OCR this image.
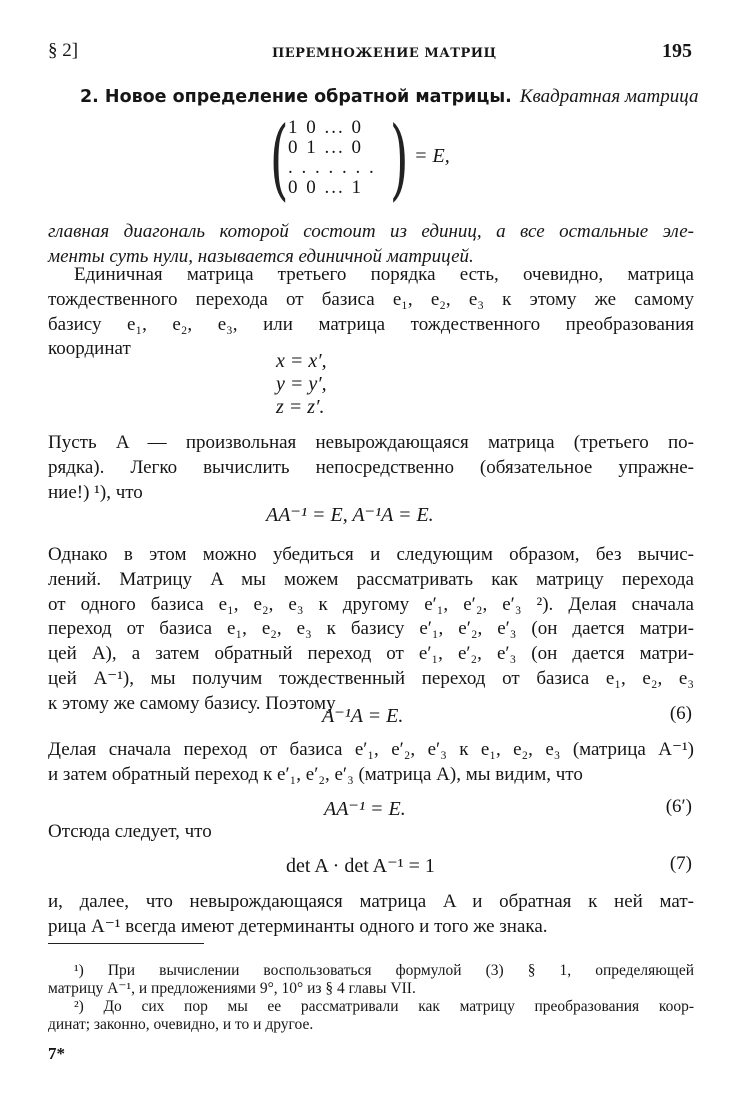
§ 2]	ПЕРЕМНОЖЕНИЕ МАТРИЦ	195
2. Новое определение обратной матрицы. Квадратная матрица
( 1 0 ... 0
0 1 ... 0
. . . . . . .
0 0 ... 1 ) = E,
главная диагональ которой состоит из единиц, а все остальные эле-
менты суть нули, называется единичной матрицей.
Единичная матрица третьего порядка есть, очевидно, матрица
тождественного перехода от базиса e₁, e₂, e₃ к этому же самому
базису e₁, e₂, e₃, или матрица тождественного преобразования
координат
x = x′,
y = y′,
z = z′.
Пусть A — произвольная невырождающаяся матрица (третьего по-
рядка). Легко вычислить непосредственно (обязательное упражне-
ние!) ¹), что
AA⁻¹ = E, A⁻¹A = E.
Однако в этом можно убедиться и следующим образом, без вычис-
лений. Матрицу A мы можем рассматривать как матрицу перехода
от одного базиса e₁, e₂, e₃ к другому e′₁, e′₂, e′₃ ²). Делая сначала
переход от базиса e₁, e₂, e₃ к базису e′₁, e′₂, e′₃ (он дается матри-
цей A), а затем обратный переход от e′₁, e′₂, e′₃ (он дается матри-
цей A⁻¹), мы получим тождественный переход от базиса e₁, e₂, e₃
к этому же самому базису. Поэтому
A⁻¹A = E.	(6)
Делая сначала переход от базиса e′₁, e′₂, e′₃ к e₁, e₂, e₃ (матрица A⁻¹)
и затем обратный переход к e′₁, e′₂, e′₃ (матрица A), мы видим, что
AA⁻¹ = E.	(6′)
Отсюда следует, что
det A · det A⁻¹ = 1	(7)
и, далее, что невырождающаяся матрица A и обратная к ней мат-
рица A⁻¹ всегда имеют детерминанты одного и того же знака.
¹) При вычислении воспользоваться формулой (3) § 1, определяющей
матрицу A⁻¹, и предложениями 9°, 10° из § 4 главы VII.
²) До сих пор мы ее рассматривали как матрицу преобразования коор-
динат; законно, очевидно, и то и другое.
7*
